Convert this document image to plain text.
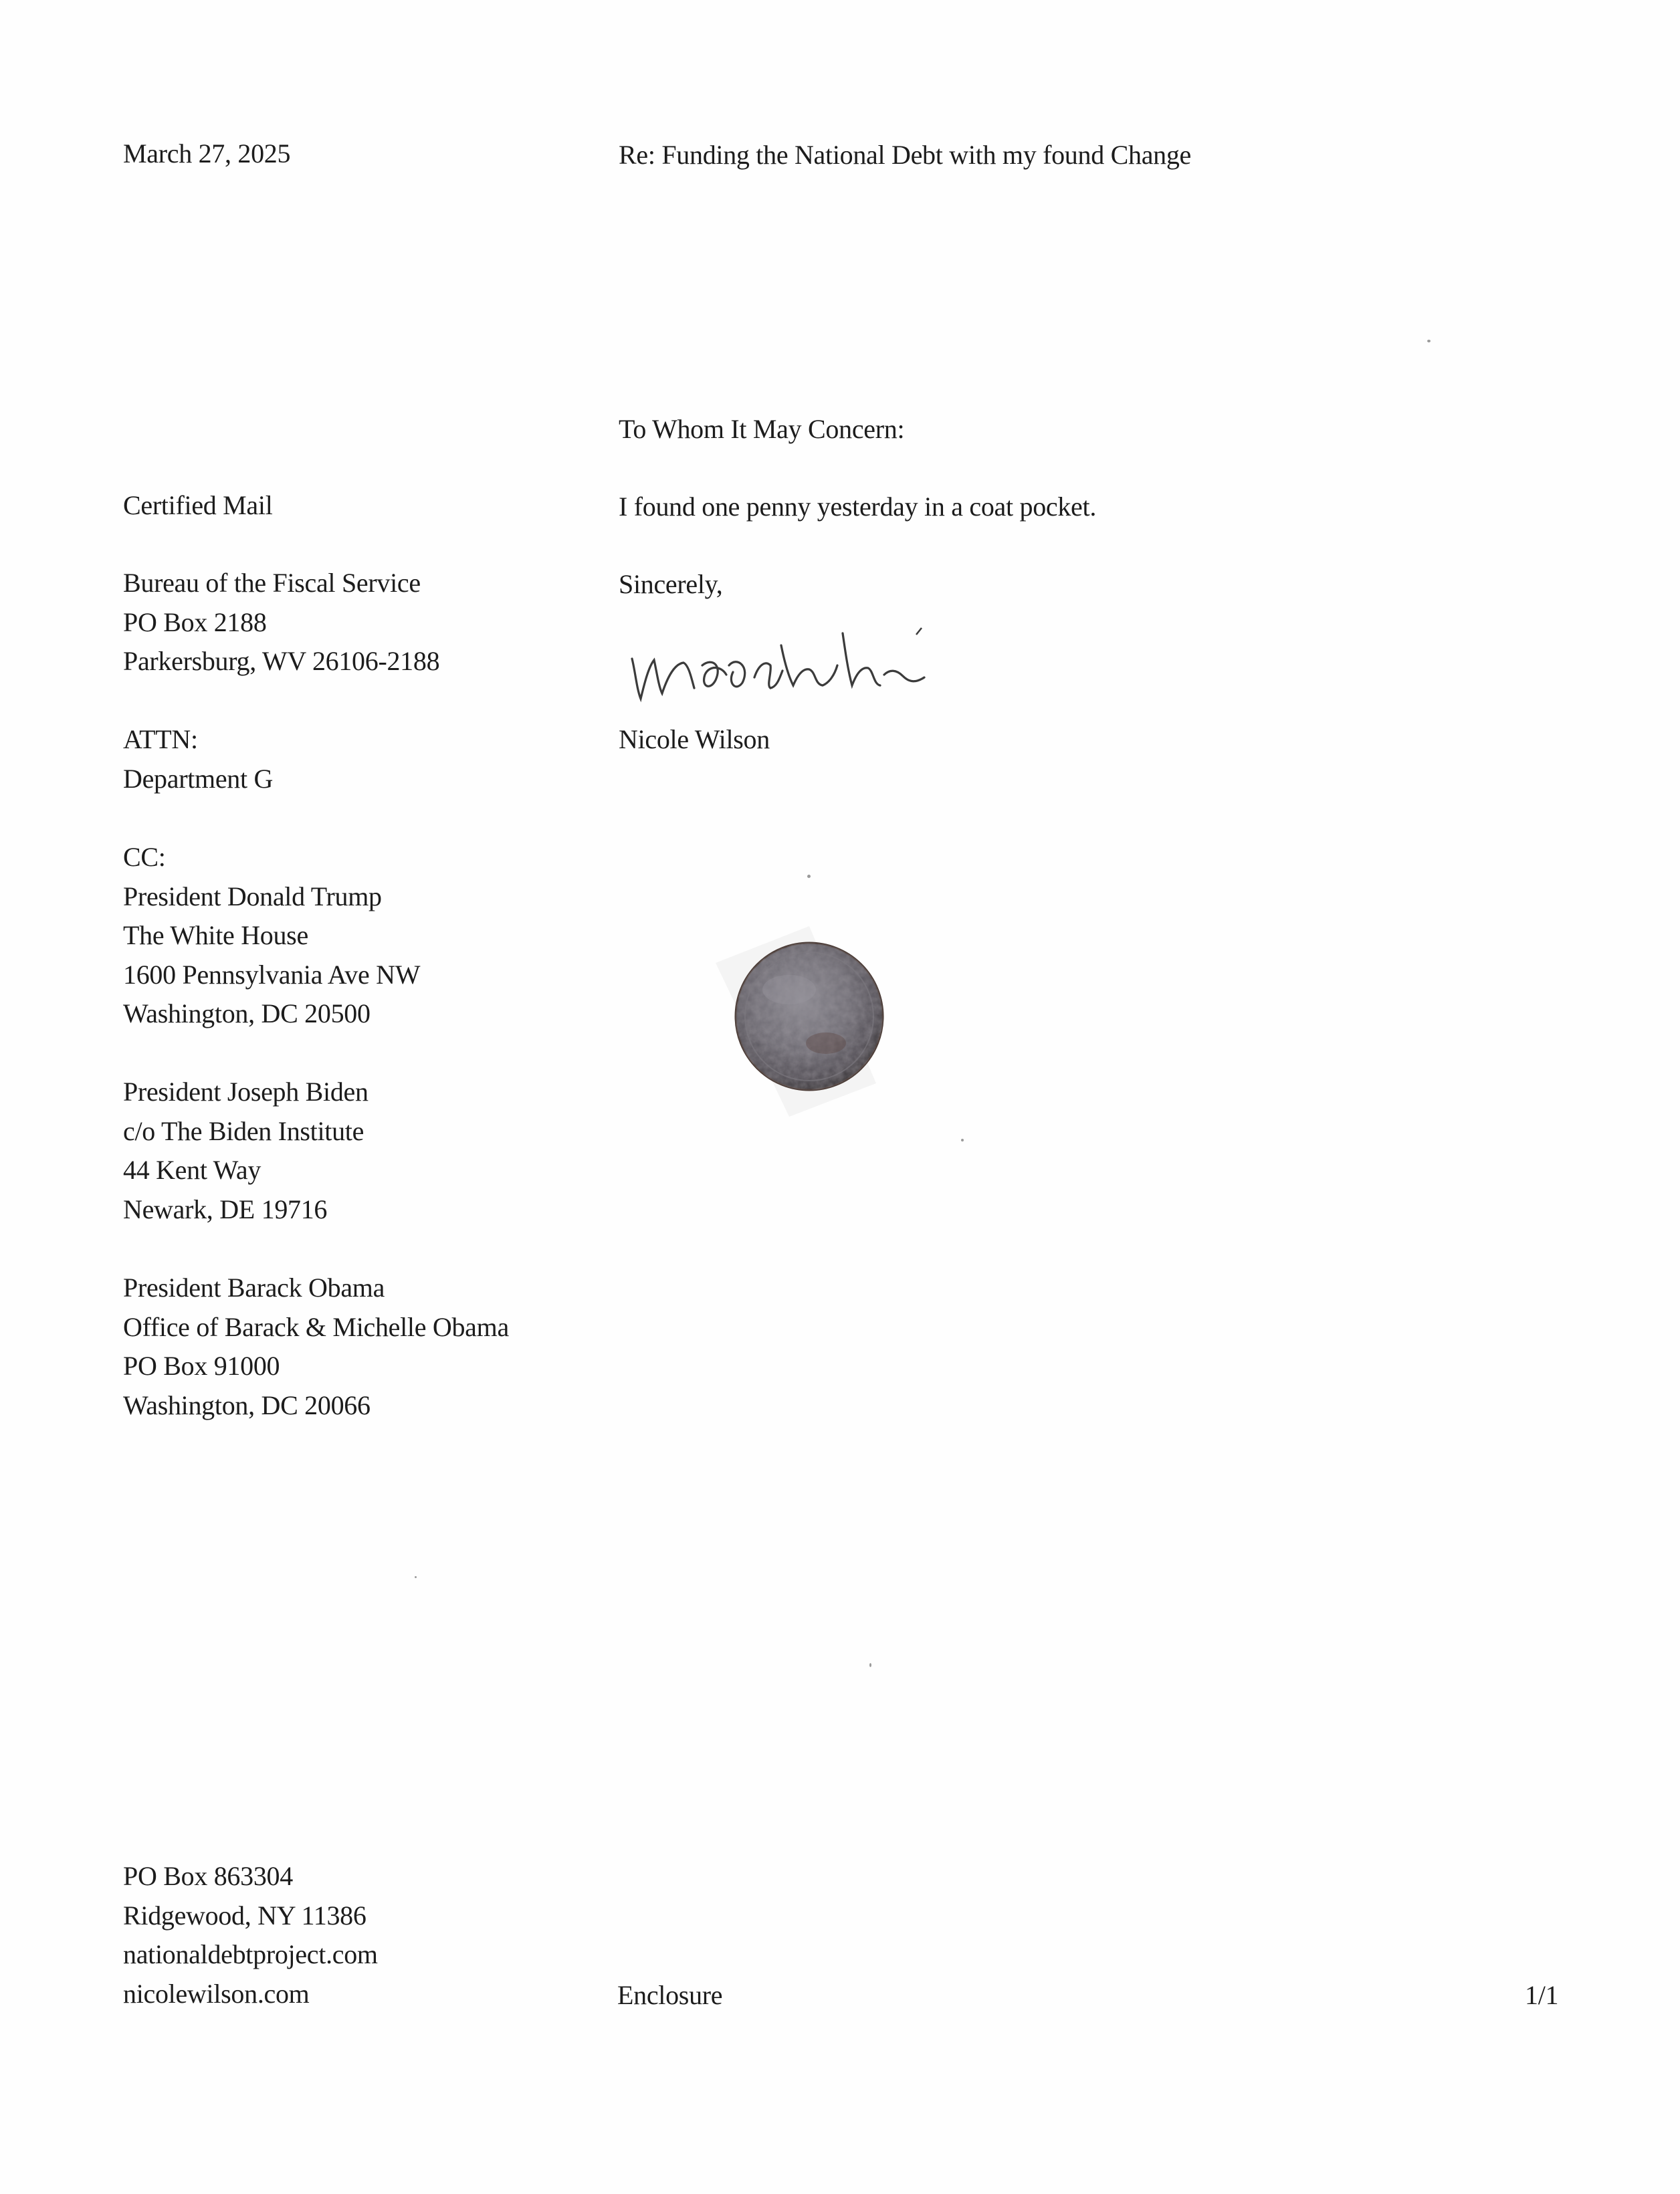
March 27, 2025	Re: Funding the National Debt with my found Change
To Whom It May Concern:
Certified Mail	I found one penny yesterday in a coat pocket.
Sincerely,
Nicole Wilson
Bureau of the Fiscal Service
PO Box 2188
Parkersburg, WV 26106-2188
ATTN:
Department G
CC:
President Donald Trump
The White House
1600 Pennsylvania Ave NW
Washington, DC 20500
President Joseph Biden
c/o The Biden Institute
44 Kent Way
Newark, DE 19716
President Barack Obama
Office of Barack & Michelle Obama
PO Box 91000
Washington, DC 20066
PO Box 863304
Ridgewood, NY 11386
nationaldebtproject.com
nicolewilson.com	Enclosure	1/1
